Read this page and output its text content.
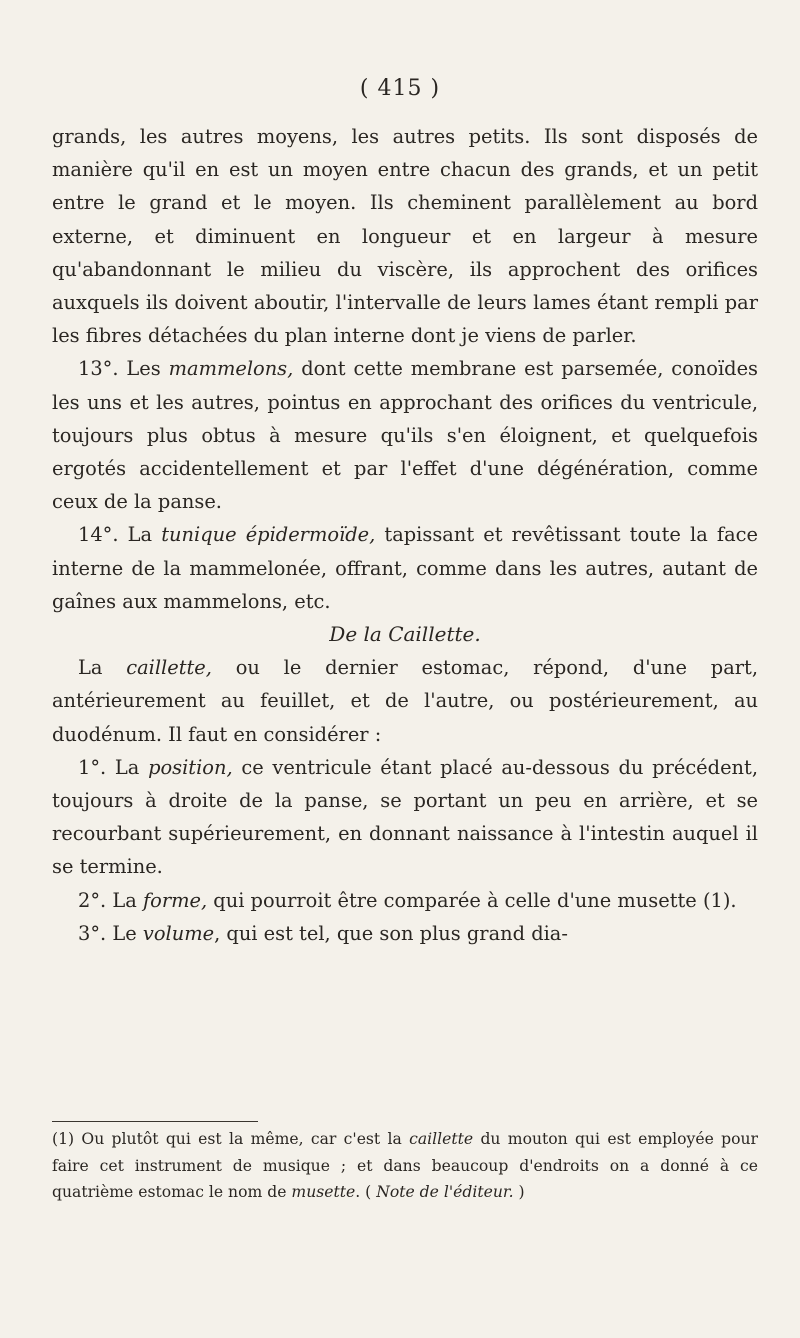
( 415 )

grands, les autres moyens, les autres petits. Ils sont disposés de manière qu'il en est un moyen entre chacun des grands, et un petit entre le grand et le moyen. Ils cheminent parallèlement au bord externe, et diminuent en longueur et en largeur à mesure qu'abandonnant le milieu du viscère, ils approchent des orifices auxquels ils doivent aboutir, l'intervalle de leurs lames étant rempli par les fibres détachées du plan interne dont je viens de parler.

13°. Les mammelons, dont cette membrane est parsemée, conoïdes les uns et les autres, pointus en approchant des orifices du ventricule, toujours plus obtus à mesure qu'ils s'en éloignent, et quelquefois ergotés accidentellement et par l'effet d'une dégénération, comme ceux de la panse.

14°. La tunique épidermoïde, tapissant et revêtissant toute la face interne de la mammelonée, offrant, comme dans les autres, autant de gaînes aux mammelons, etc.

De la Caillette.

La caillette, ou le dernier estomac, répond, d'une part, antérieurement au feuillet, et de l'autre, ou postérieurement, au duodénum. Il faut en considérer :

1°. La position, ce ventricule étant placé au-dessous du précédent, toujours à droite de la panse, se portant un peu en arrière, et se recourbant supérieurement, en donnant naissance à l'intestin auquel il se termine.

2°. La forme, qui pourroit être comparée à celle d'une musette (1).

3°. Le volume, qui est tel, que son plus grand dia-

(1) Ou plutôt qui est la même, car c'est la caillette du mouton qui est employée pour faire cet instrument de musique ; et dans beaucoup d'endroits on a donné à ce quatrième estomac le nom de musette. ( Note de l'éditeur. )
